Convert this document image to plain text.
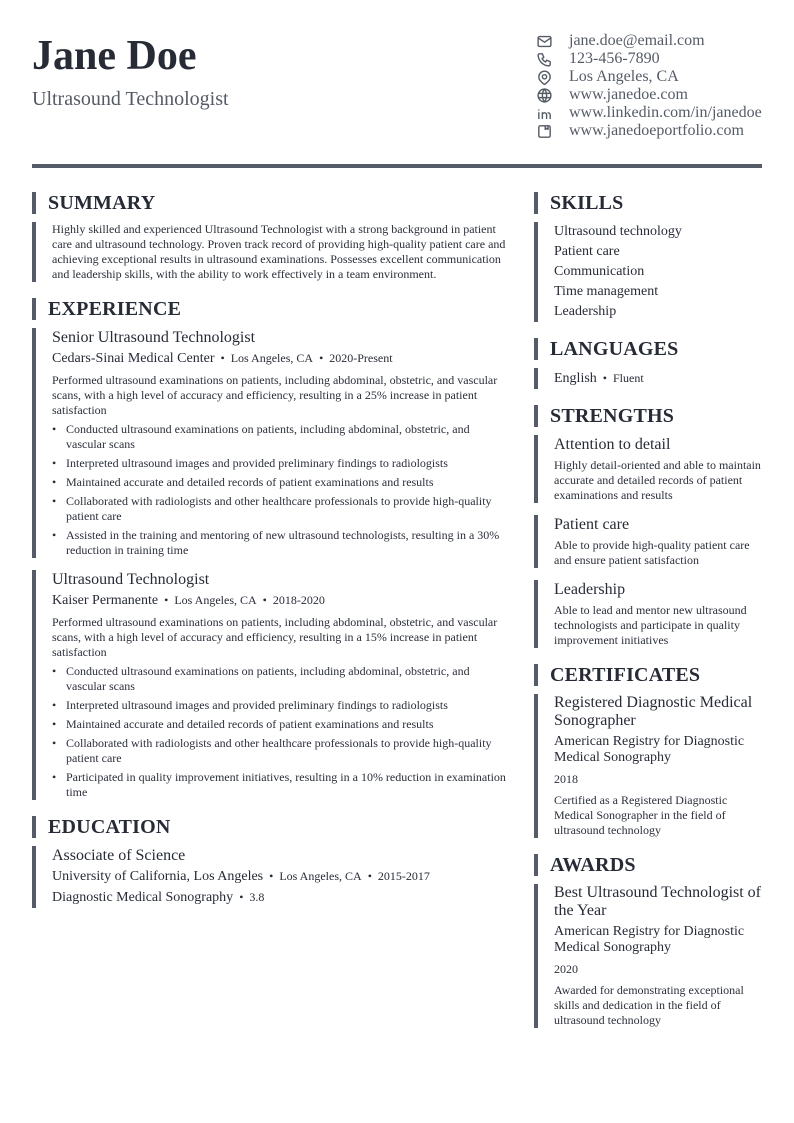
Jane Doe
Ultrasound Technologist
jane.doe@email.com
123-456-7890
Los Angeles, CA
www.janedoe.com
www.linkedin.com/in/janedoe
www.janedoeportfolio.com
SUMMARY
Highly skilled and experienced Ultrasound Technologist with a strong background in patient care and ultrasound technology. Proven track record of providing high-quality patient care and achieving exceptional results in ultrasound examinations. Possesses excellent communication and leadership skills, with the ability to work effectively in a team environment.
EXPERIENCE
Senior Ultrasound Technologist
Cedars-Sinai Medical Center • Los Angeles, CA • 2020-Present
Performed ultrasound examinations on patients, including abdominal, obstetric, and vascular scans, with a high level of accuracy and efficiency, resulting in a 25% increase in patient satisfaction
• Conducted ultrasound examinations on patients, including abdominal, obstetric, and vascular scans
• Interpreted ultrasound images and provided preliminary findings to radiologists
• Maintained accurate and detailed records of patient examinations and results
• Collaborated with radiologists and other healthcare professionals to provide high-quality patient care
• Assisted in the training and mentoring of new ultrasound technologists, resulting in a 30% reduction in training time
Ultrasound Technologist
Kaiser Permanente • Los Angeles, CA • 2018-2020
Performed ultrasound examinations on patients, including abdominal, obstetric, and vascular scans, with a high level of accuracy and efficiency, resulting in a 15% increase in patient satisfaction
• Conducted ultrasound examinations on patients, including abdominal, obstetric, and vascular scans
• Interpreted ultrasound images and provided preliminary findings to radiologists
• Maintained accurate and detailed records of patient examinations and results
• Collaborated with radiologists and other healthcare professionals to provide high-quality patient care
• Participated in quality improvement initiatives, resulting in a 10% reduction in examination time
EDUCATION
Associate of Science
University of California, Los Angeles • Los Angeles, CA • 2015-2017
Diagnostic Medical Sonography • 3.8
SKILLS
Ultrasound technology
Patient care
Communication
Time management
Leadership
LANGUAGES
English • Fluent
STRENGTHS
Attention to detail
Highly detail-oriented and able to maintain accurate and detailed records of patient examinations and results
Patient care
Able to provide high-quality patient care and ensure patient satisfaction
Leadership
Able to lead and mentor new ultrasound technologists and participate in quality improvement initiatives
CERTIFICATES
Registered Diagnostic Medical Sonographer
American Registry for Diagnostic Medical Sonography
2018
Certified as a Registered Diagnostic Medical Sonographer in the field of ultrasound technology
AWARDS
Best Ultrasound Technologist of the Year
American Registry for Diagnostic Medical Sonography
2020
Awarded for demonstrating exceptional skills and dedication in the field of ultrasound technology
